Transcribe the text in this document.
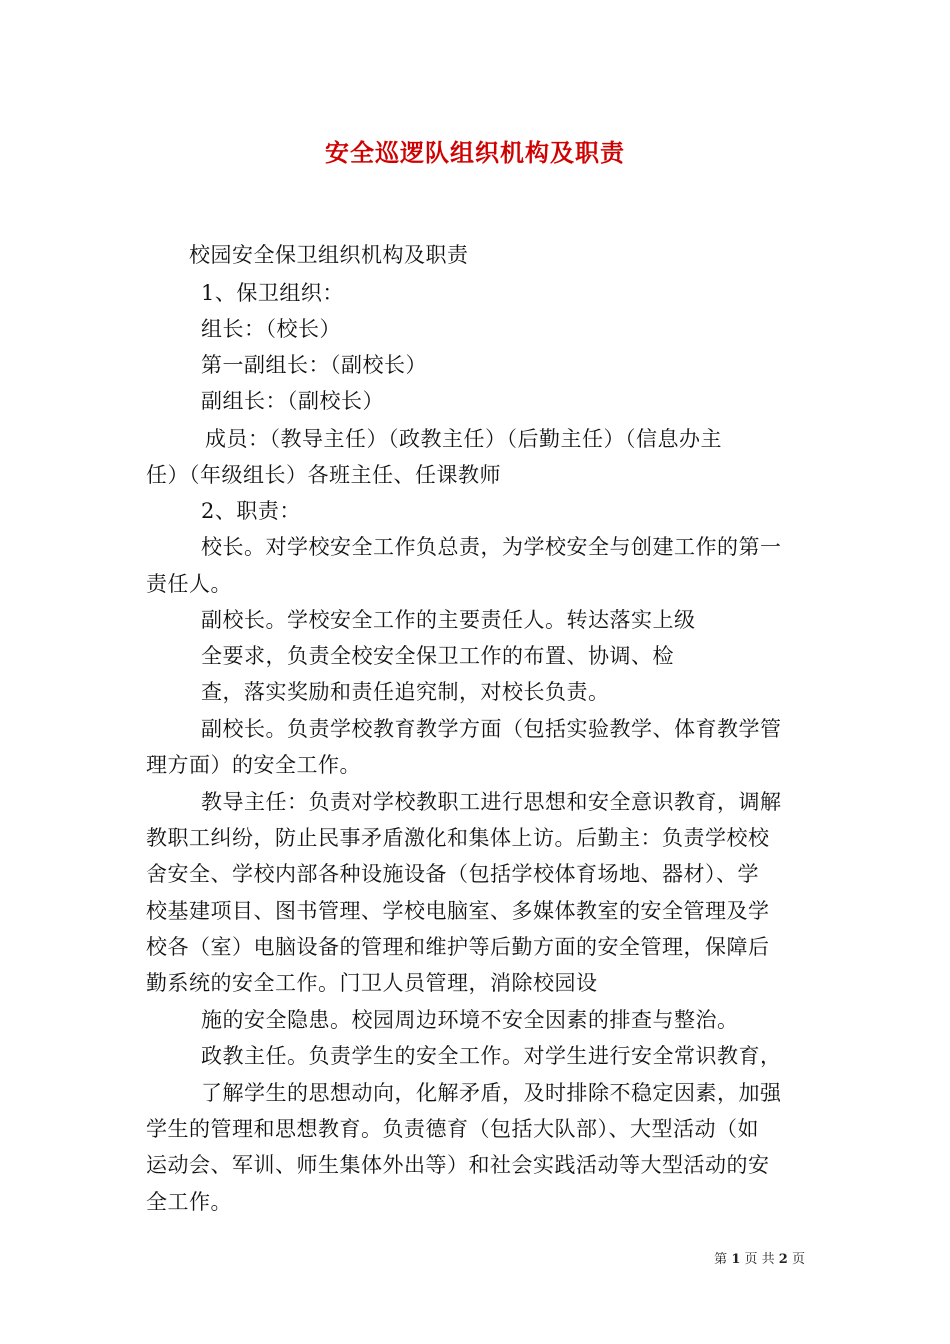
安全巡逻队组织机构及职责
校园安全保卫组织机构及职责
1、保卫组织：
组长：（校长）
第一副组长：（副校长）
副组长：（副校长）
成员：（教导主任）（政教主任）（后勤主任）（信息办主
任）（年级组长）各班主任、任课教师
2、职责：
校长。对学校安全工作负总责，为学校安全与创建工作的第一
责任人。
副校长。学校安全工作的主要责任人。转达落实上级
全要求，负责全校安全保卫工作的布置、协调、检
查，落实奖励和责任追究制，对校长负责。
副校长。负责学校教育教学方面（包括实验教学、体育教学管
理方面）的安全工作。
教导主任：负责对学校教职工进行思想和安全意识教育，调解
教职工纠纷，防止民事矛盾激化和集体上访。后勤主：负责学校校
舍安全、学校内部各种设施设备（包括学校体育场地、器材）、学
校基建项目、图书管理、学校电脑室、多媒体教室的安全管理及学
校各（室）电脑设备的管理和维护等后勤方面的安全管理，保障后
勤系统的安全工作。门卫人员管理，消除校园设
施的安全隐患。校园周边环境不安全因素的排查与整治。
政教主任。负责学生的安全工作。对学生进行安全常识教育，
了解学生的思想动向，化解矛盾，及时排除不稳定因素，加强
学生的管理和思想教育。负责德育（包括大队部）、大型活动（如
运动会、军训、师生集体外出等）和社会实践活动等大型活动的安
全工作。
第 1 页 共 2 页
